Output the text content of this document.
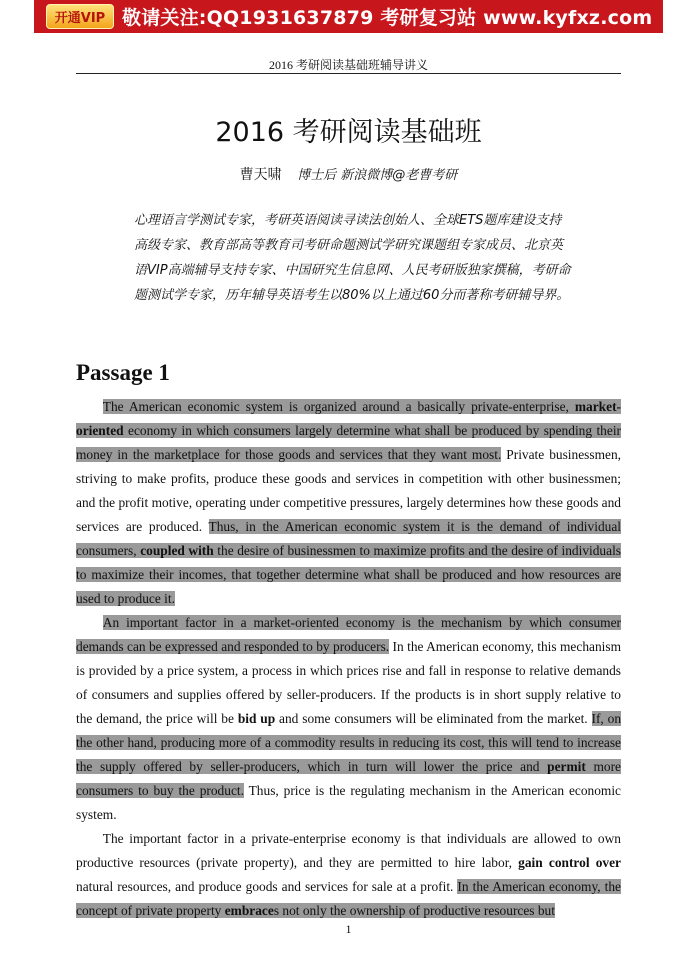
开通VIP 敬请关注:QQ1931637879 考研复习站 www.kyfxz.com
2016 考研阅读基础班辅导讲义
2016 考研阅读基础班
曹天啸 博士后 新浪微博@老曹考研
心理语言学测试专家，考研英语阅读寻读法创始人、全球ETS题库建设支持高级专家、教育部高等教育司考研命题测试学研究课题组专家成员、北京英语VIP高端辅导支持专家、中国研究生信息网、人民考研版独家撰稿，考研命题测试学专家，历年辅导英语考生以80%以上通过60分而著称考研辅导界。
Passage 1

The American economic system is organized around a basically private-enterprise, market-oriented economy in which consumers largely determine what shall be produced by spending their money in the marketplace for those goods and services that they want most. Private businessmen, striving to make profits, produce these goods and services in competition with other businessmen; and the profit motive, operating under competitive pressures, largely determines how these goods and services are produced. Thus, in the American economic system it is the demand of individual consumers, coupled with the desire of businessmen to maximize profits and the desire of individuals to maximize their incomes, that together determine what shall be produced and how resources are used to produce it.

An important factor in a market-oriented economy is the mechanism by which consumer demands can be expressed and responded to by producers. In the American economy, this mechanism is provided by a price system, a process in which prices rise and fall in response to relative demands of consumers and supplies offered by seller-producers. If the products is in short supply relative to the demand, the price will be bid up and some consumers will be eliminated from the market. If, on the other hand, producing more of a commodity results in reducing its cost, this will tend to increase the supply offered by seller-producers, which in turn will lower the price and permit more consumers to buy the product. Thus, price is the regulating mechanism in the American economic system.

The important factor in a private-enterprise economy is that individuals are allowed to own productive resources (private property), and they are permitted to hire labor, gain control over natural resources, and produce goods and services for sale at a profit. In the American economy, the concept of private property embraces not only the ownership of productive resources but

1
